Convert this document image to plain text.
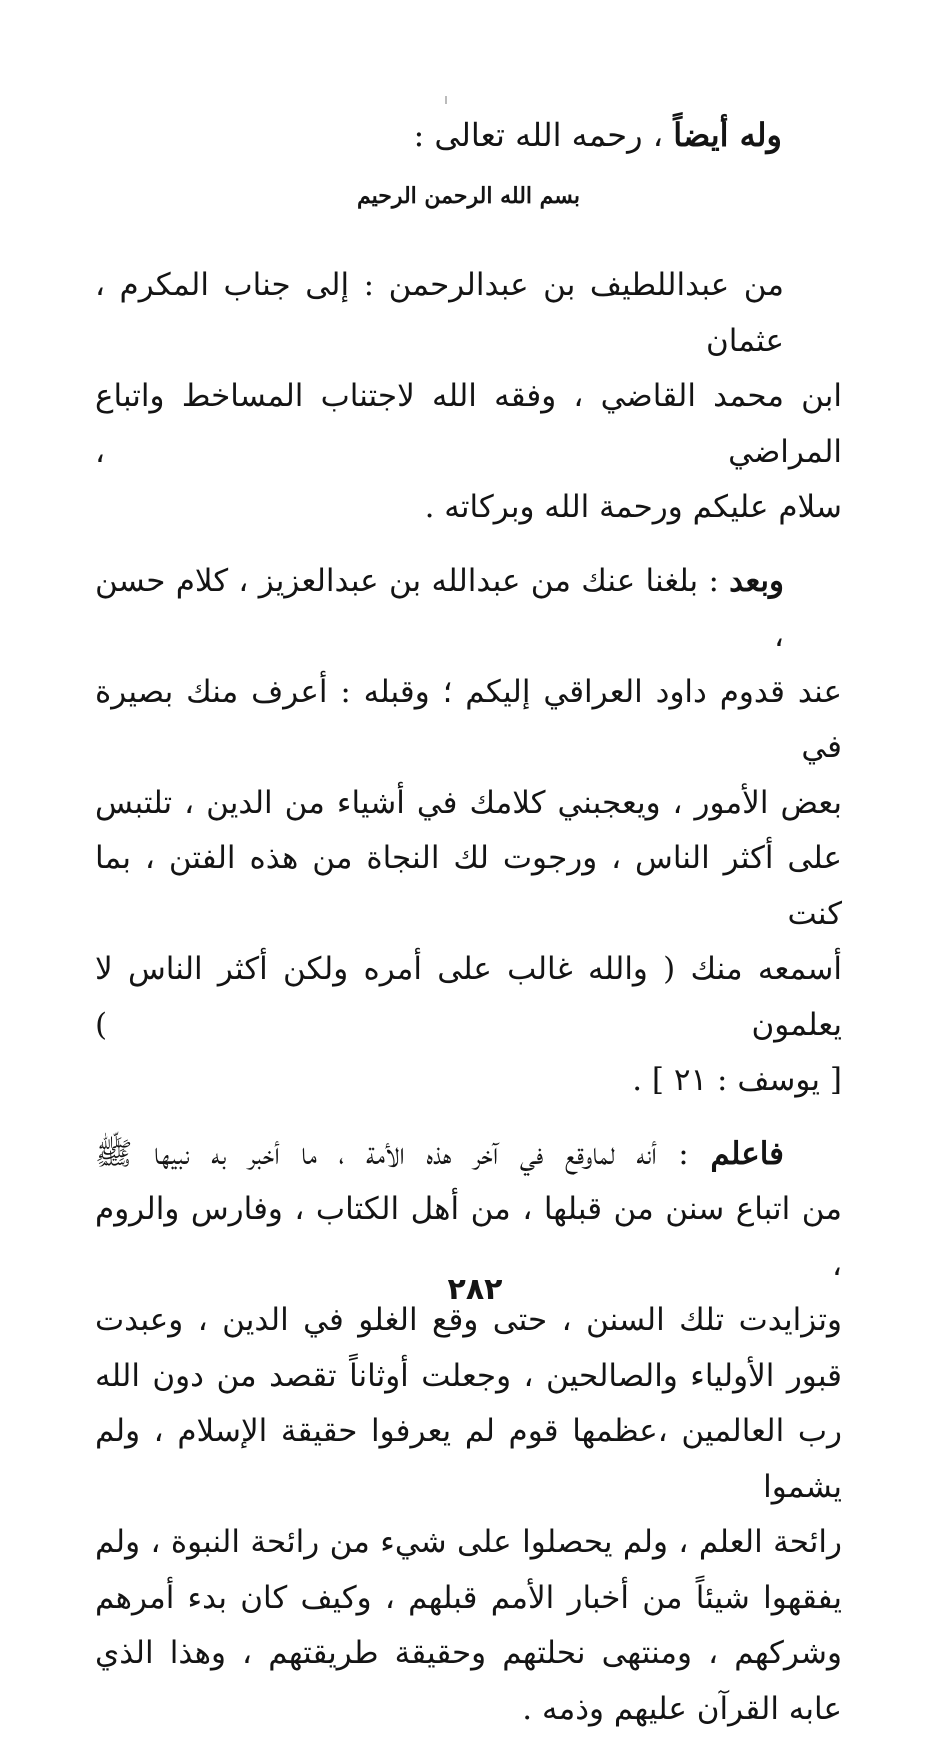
وله أيضاً ، رحمه الله تعالى :
بسم الله الرحمن الرحيم
من عبداللطيف بن عبدالرحمن : إلى جناب المكرم ، عثمان
ابن محمد القاضي ، وفقه الله لاجتناب المساخط واتباع المراضي ،
سلام عليكم ورحمة الله وبركاته .
وبعد : بلغنا عنك من عبدالله بن عبدالعزيز ، كلام حسن ،
عند قدوم داود العراقي إليكم ؛ وقبله : أعرف منك بصيرة في
بعض الأمور ، ويعجبني كلامك في أشياء من الدين ، تلتبس
على أكثر الناس ، ورجوت لك النجاة من هذه الفتن ، بما كنت
أسمعه منك ( والله غالب على أمره ولكن أكثر الناس لا يعلمون )
[ يوسف : ٢١ ] .
فاعلم : أنه لماوقع في آخر هذه الأمة ، ما أخبر به نبيها ﷺ
من اتباع سنن من قبلها ، من أهل الكتاب ، وفارس والروم ،
وتزايدت تلك السنن ، حتى وقع الغلو في الدين ، وعبدت
قبور الأولياء والصالحين ، وجعلت أوثاناً تقصد من دون الله
رب العالمين ،عظمها قوم لم يعرفوا حقيقة الإسلام ، ولم يشموا
رائحة العلم ، ولم يحصلوا على شيء من رائحة النبوة ، ولم
يفقهوا شيئاً من أخبار الأمم قبلهم ، وكيف كان بدء أمرهم
وشركهم ، ومنتهى نحلتهم وحقيقة طريقتهم ، وهذا الذي
عابه القرآن عليهم وذمه .
٢٨٢
